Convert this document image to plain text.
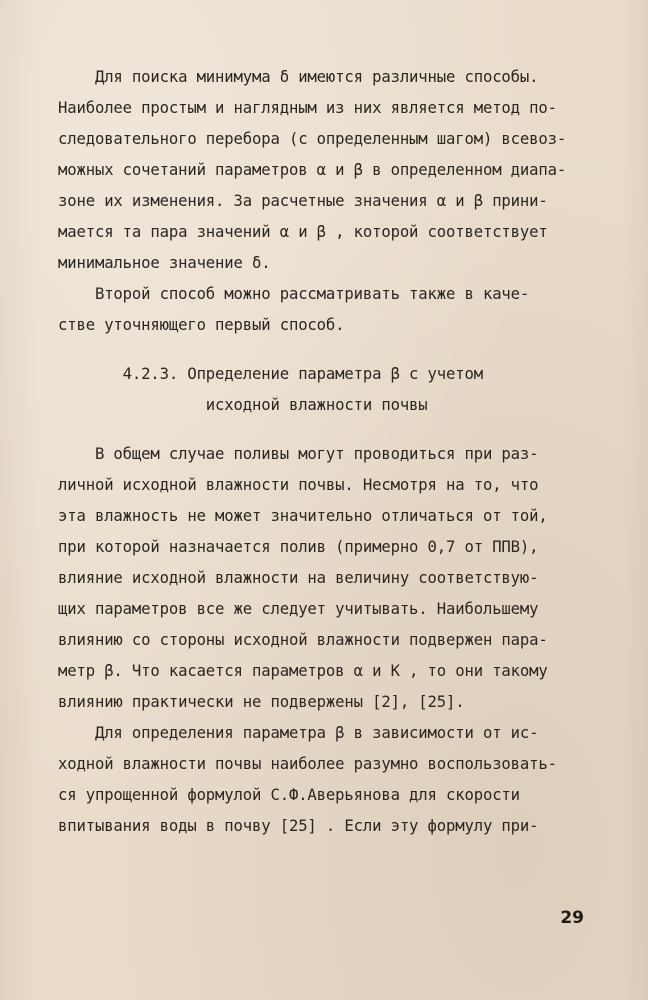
Для поиска минимума δ имеются различные способы.
Наиболее простым и наглядным из них является метод по-
следовательного перебора (с определенным шагом) всевоз-
можных сочетаний параметров α и β в определенном диапа-
зоне их изменения. За расчетные значения α и β прини-
мается та пара значений α и β , которой соответствует
минимальное значение δ.
Второй способ можно рассматривать также в каче-
стве уточняющего первый способ.
4.2.3. Определение параметра β с учетом
исходной влажности почвы
В общем случае поливы могут проводиться при раз-
личной исходной влажности почвы. Несмотря на то, что
эта влажность не может значительно отличаться от той,
при которой назначается полив (примерно 0,7 от ППВ),
влияние исходной влажности на величину соответствую-
щих параметров все же следует учитывать. Наибольшему
влиянию со стороны исходной влажности подвержен пара-
метр β. Что касается параметров α и K , то они такому
влиянию практически не подвержены [2], [25].
Для определения параметра β в зависимости от ис-
ходной влажности почвы наиболее разумно воспользовать-
ся упрощенной формулой С.Ф.Аверьянова для скорости
впитывания воды в почву [25] . Если эту формулу при-
29
